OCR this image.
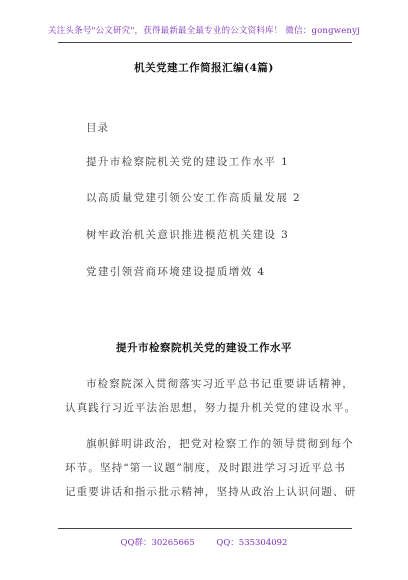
关注头条号"公文研究"，获得最新最全最专业的公文资料库！ 微信：gongwenyj
机关党建工作简报汇编(4篇)
目录
提升市检察院机关党的建设工作水平 1
以高质量党建引领公安工作高质量发展 2
树牢政治机关意识推进模范机关建设 3
党建引领营商环境建设提质增效 4
提升市检察院机关党的建设工作水平
市检察院深入贯彻落实习近平总书记重要讲话精神，
认真践行习近平法治思想，努力提升机关党的建设水平。
旗帜鲜明讲政治，把党对检察工作的领导贯彻到每个
环节。坚持“第一议题”制度，及时跟进学习习近平总书
记重要讲话和指示批示精神，坚持从政治上认识问题、研
QQ群：30265665        QQ：535304092
